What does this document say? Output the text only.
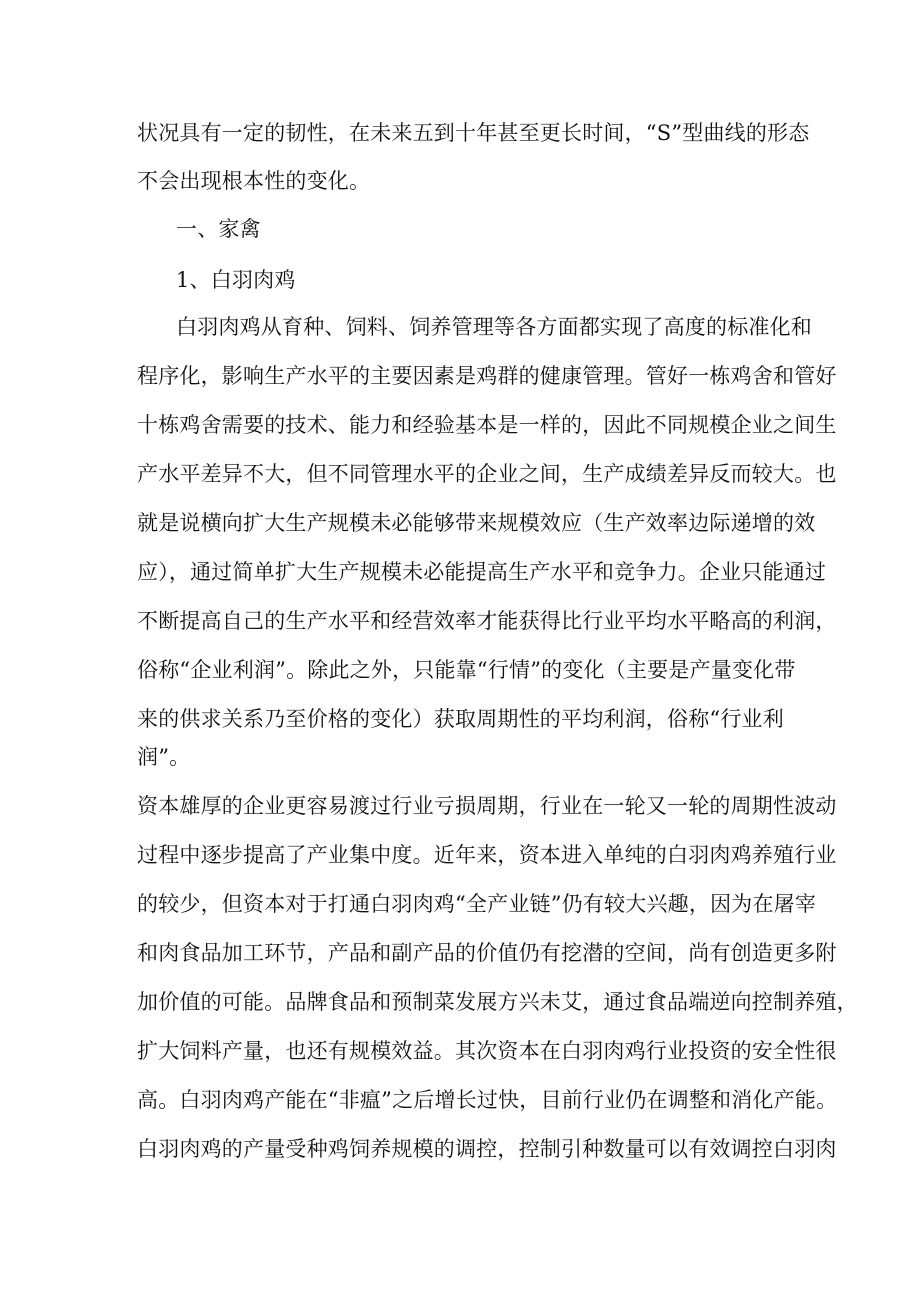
状况具有一定的韧性，在未来五到十年甚至更长时间，“S”型曲线的形态
不会出现根本性的变化。
一、家禽
1、白羽肉鸡
白羽肉鸡从育种、饲料、饲养管理等各方面都实现了高度的标准化和
程序化，影响生产水平的主要因素是鸡群的健康管理。管好一栋鸡舍和管好
十栋鸡舍需要的技术、能力和经验基本是一样的，因此不同规模企业之间生
产水平差异不大，但不同管理水平的企业之间，生产成绩差异反而较大。也
就是说横向扩大生产规模未必能够带来规模效应（生产效率边际递增的效
应），通过简单扩大生产规模未必能提高生产水平和竞争力。企业只能通过
不断提高自己的生产水平和经营效率才能获得比行业平均水平略高的利润，
俗称“企业利润”。除此之外，只能靠“行情”的变化（主要是产量变化带
来的供求关系乃至价格的变化）获取周期性的平均利润，俗称“行业利
润”。
资本雄厚的企业更容易渡过行业亏损周期，行业在一轮又一轮的周期性波动
过程中逐步提高了产业集中度。近年来，资本进入单纯的白羽肉鸡养殖行业
的较少，但资本对于打通白羽肉鸡“全产业链”仍有较大兴趣，因为在屠宰
和肉食品加工环节，产品和副产品的价值仍有挖潜的空间，尚有创造更多附
加价值的可能。品牌食品和预制菜发展方兴未艾，通过食品端逆向控制养殖，
扩大饲料产量，也还有规模效益。其次资本在白羽肉鸡行业投资的安全性很
高。白羽肉鸡产能在“非瘟”之后增长过快，目前行业仍在调整和消化产能。
白羽肉鸡的产量受种鸡饲养规模的调控，控制引种数量可以有效调控白羽肉
